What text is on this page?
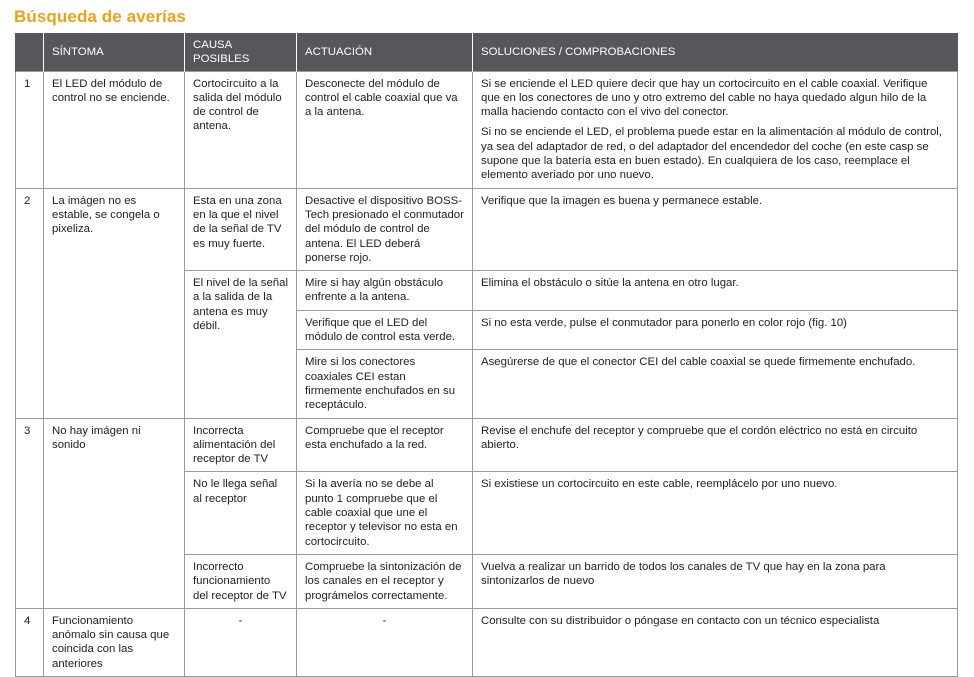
Búsqueda de averías
	SÍNTOMA	CAUSA POSIBLES	ACTUACIÓN	SOLUCIONES / COMPROBACIONES
1	El LED del módulo de control no se enciende.	Cortocircuito a la salida del módulo de control de antena.	Desconecte del módulo de control el cable coaxial que va a la antena.	Si se enciende el LED quiere decir que hay un cortocircuito en el cable coaxial. Verifique que en los conectores de uno y otro extremo del cable no haya quedado algun hilo de la malla haciendo contacto con el vivo del conector.

Si no se enciende el LED, el problema puede estar en la alimentación al módulo de control, ya sea del adaptador de red, o del adaptador del encendedor del coche (en este casp se supone que la batería esta en buen estado). En cualquiera de los caso, reemplace el elemento averiado por uno nuevo.

2	La imágen no es estable, se congela o pixeliza.	Esta en una zona en la que el nivel de la señal de TV es muy fuerte.	Desactive el dispositivo BOSS-Tech presionado el conmutador del módulo de control de antena. El LED deberá ponerse rojo.	Verifique que la imagen es buena y permanece estable.
		El nivel de la señal a la salida de la antena es muy débil.	Mire si hay algún obstáculo enfrente a la antena.	Elimina el obstáculo o sitúe la antena en otro lugar.
			Verifique que el LED del módulo de control esta verde.	Si no esta verde, pulse el conmutador para ponerlo en color rojo (fig. 10)
			Mire si los conectores coaxiales CEI estan firmemente enchufados en su receptáculo.	Asegúrerse de que el conector CEI del cable coaxial se quede firmemente enchufado.
3	No hay imágen ni sonido	Incorrecta alimentación del receptor de TV	Compruebe que el receptor esta enchufado a la red.	Revise el enchufe del receptor y compruebe que el cordón eléctrico no está en circuito abierto.
		No le llega señal al receptor	Si la avería no se debe al punto 1 compruebe que el cable coaxial que une el receptor y televisor no esta en cortocircuito.	Si existiese un cortocircuito en este cable, reemplácelo por uno nuevo.
		Incorrecto funcionamiento del receptor de TV	Compruebe la sintonización de los canales en el receptor y prográmelos correctamente.	Vuelva a realizar un barrido de todos los canales de TV que hay en la zona para sintonizarlos de nuevo
4	Funcionamiento anómalo sin causa que coincida con las anteriores	-	-	Consulte con su distribuidor o póngase en contacto con un técnico especialista
